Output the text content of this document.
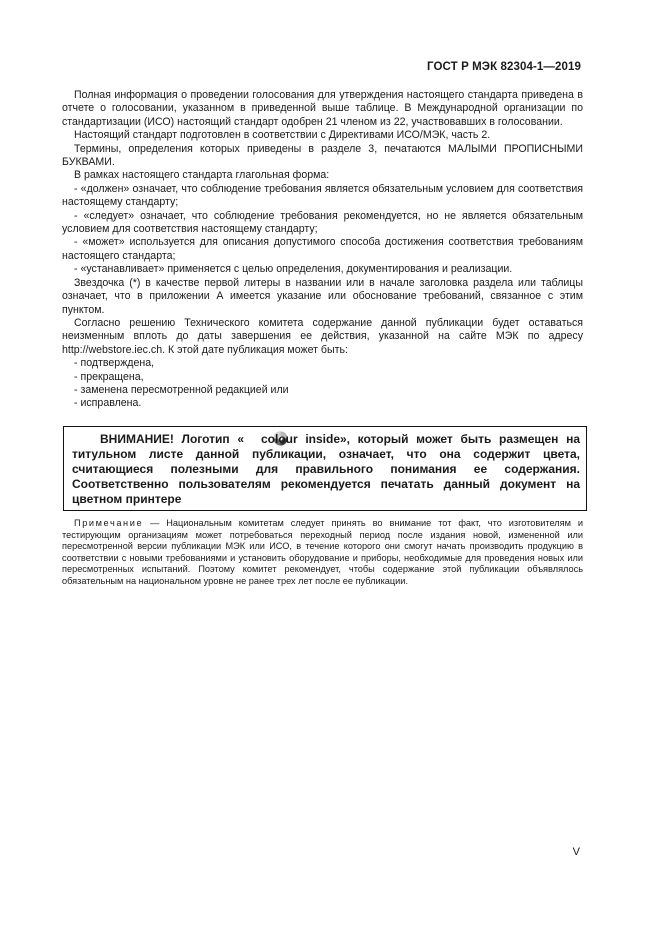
ГОСТ Р МЭК 82304-1—2019

Полная информация о проведении голосования для утверждения настоящего стандарта приведена в отчете о голосовании, указанном в приведенной выше таблице. В Международной организации по стандартизации (ИСО) настоящий стандарт одобрен 21 членом из 22, участвовавших в голосовании.

Настоящий стандарт подготовлен в соответствии с Директивами ИСО/МЭК, часть 2.

Термины, определения которых приведены в разделе 3, печатаются МАЛЫМИ ПРОПИСНЫМИ БУКВАМИ.

В рамках настоящего стандарта глагольная форма:

- «должен» означает, что соблюдение требования является обязательным условием для соответствия настоящему стандарту;

- «следует» означает, что соблюдение требования рекомендуется, но не является обязательным условием для соответствия настоящему стандарту;

- «может» используется для описания допустимого способа достижения соответствия требованиям настоящего стандарта;

- «устанавливает» применяется с целью определения, документирования и реализации.

Звездочка (*) в качестве первой литеры в названии или в начале заголовка раздела или таблицы означает, что в приложении А имеется указание или обоснование требований, связанное с этим пунктом.

Согласно решению Технического комитета содержание данной публикации будет оставаться неизменным вплоть до даты завершения ее действия, указанной на сайте МЭК по адресу http://webstore.iec.ch. К этой дате публикация может быть:

- подтверждена,

- прекращена,

- заменена пересмотренной редакцией или

- исправлена.

ВНИМАНИЕ! Логотип « colour inside», который может быть размещен на титульном листе данной публикации, означает, что она содержит цвета, считающиеся полезными для правильного понимания ее содержания. Соответственно пользователям рекомендуется печатать данный документ на цветном принтере

Примечание — Национальным комитетам следует принять во внимание тот факт, что изготовителям и тестирующим организациям может потребоваться переходный период после издания новой, измененной или пересмотренной версии публикации МЭК или ИСО, в течение которого они смогут начать производить продукцию в соответствии с новыми требованиями и установить оборудование и приборы, необходимые для проведения новых или пересмотренных испытаний. Поэтому комитет рекомендует, чтобы содержание этой публикации объявлялось обязательным на национальном уровне не ранее трех лет после ее публикации.

V
